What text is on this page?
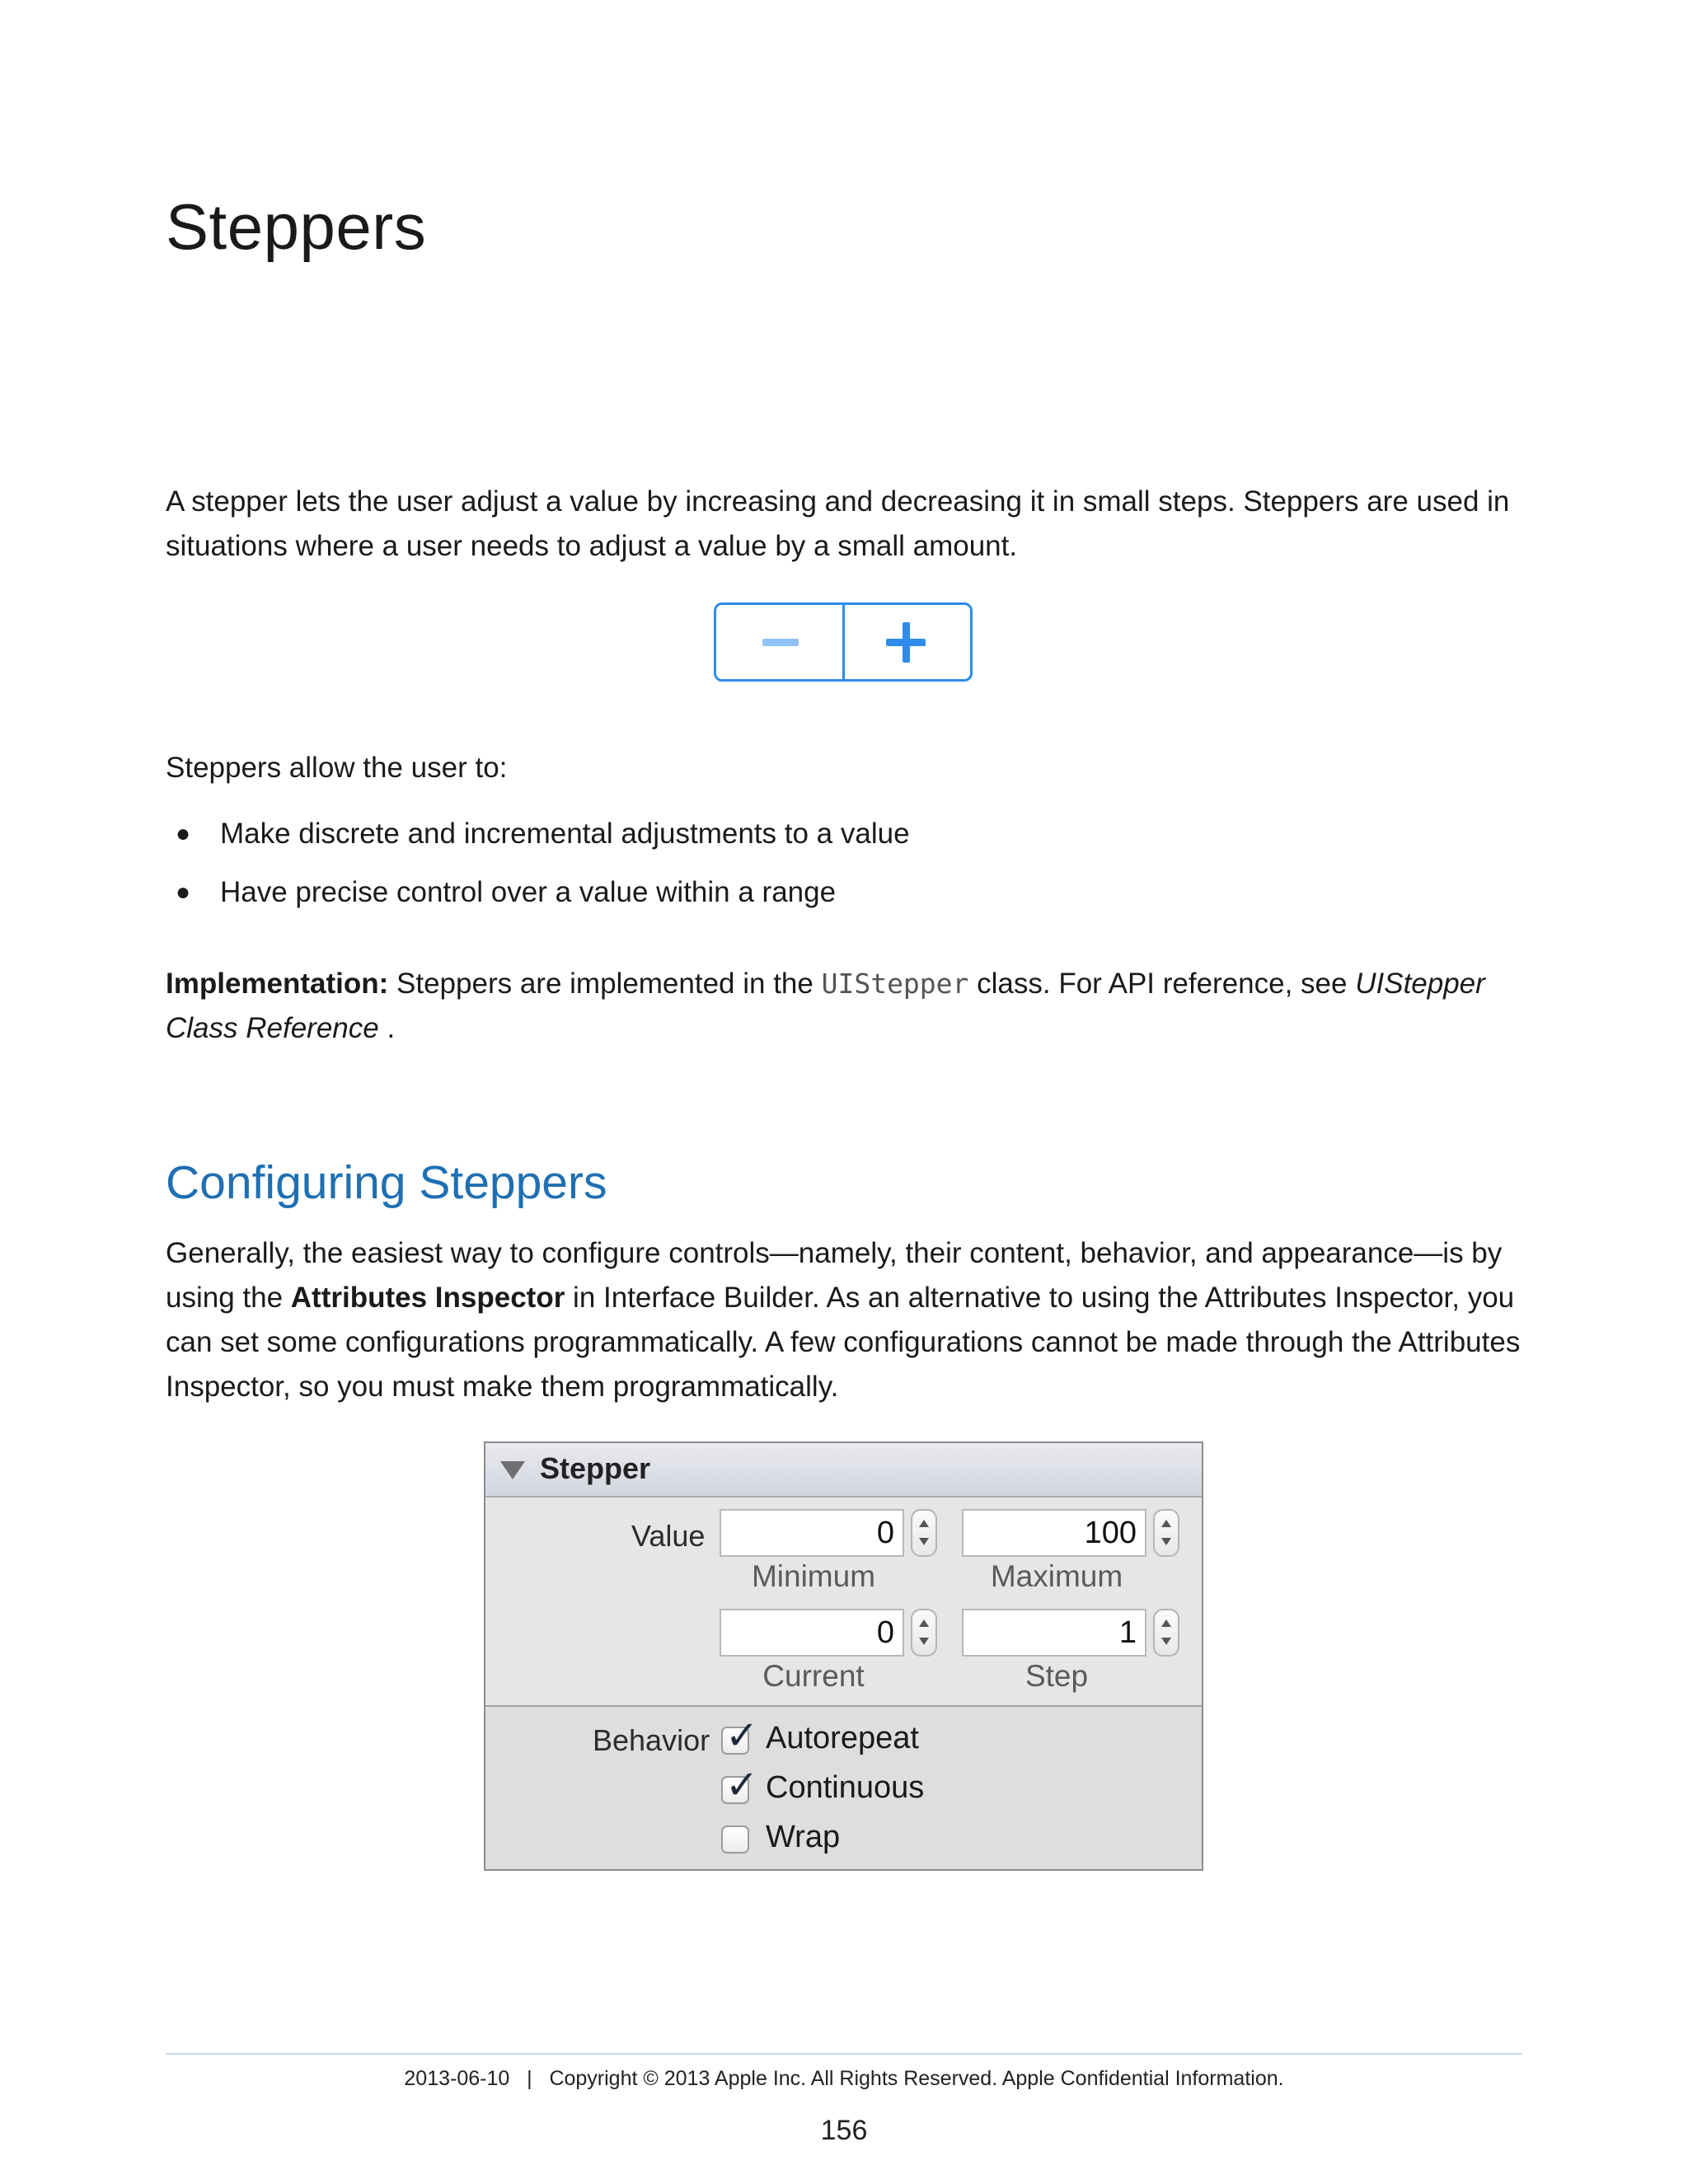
Steppers

A stepper lets the user adjust a value by increasing and decreasing it in small steps. Steppers are used in situations where a user needs to adjust a value by a small amount.

Steppers allow the user to:

● Make discrete and incremental adjustments to a value
● Have precise control over a value within a range

Implementation: Steppers are implemented in the UIStepper class. For API reference, see UIStepper Class Reference .

Configuring Steppers

Generally, the easiest way to configure controls—namely, their content, behavior, and appearance—is by using the Attributes Inspector in Interface Builder. As an alternative to using the Attributes Inspector, you can set some configurations programmatically. A few configurations cannot be made through the Attributes Inspector, so you must make them programmatically.

Stepper
Value	0
Minimum
100
Maximum
0
Current
1
Step
Behavior ✓ Autorepeat
✓ Continuous
Wrap
2013-06-10   |   Copyright © 2013 Apple Inc. All Rights Reserved. Apple Confidential Information.
156
